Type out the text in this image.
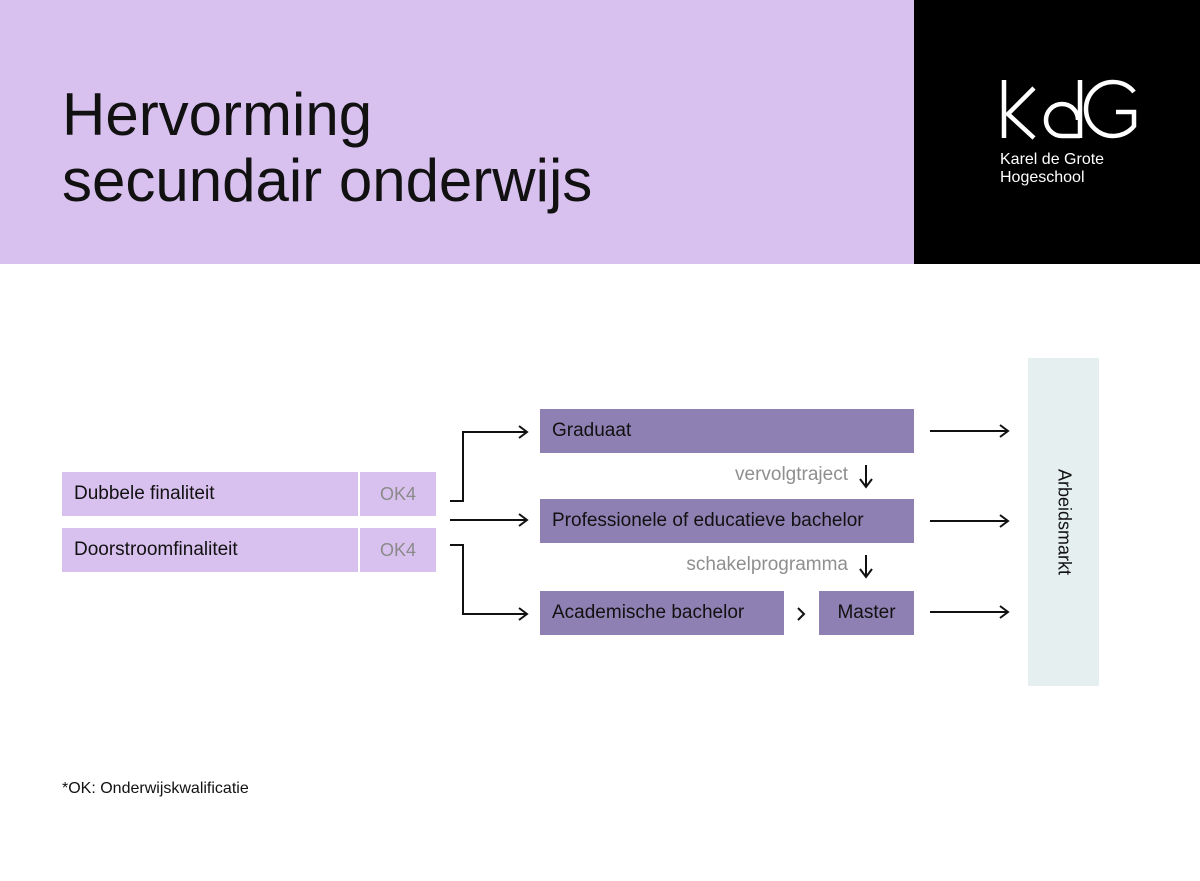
Hervorming
secundair onderwijs	Karel de Grote
Hogeschool
Dubbele finaliteit	OK4
Doorstroomfinaliteit	OK4
Graduaat
Professionele of educatieve bachelor
Academische bachelor	Master
vervolgtraject
schakelprogramma	Arbeidsmarkt
*OK: Onderwijskwalificatie
